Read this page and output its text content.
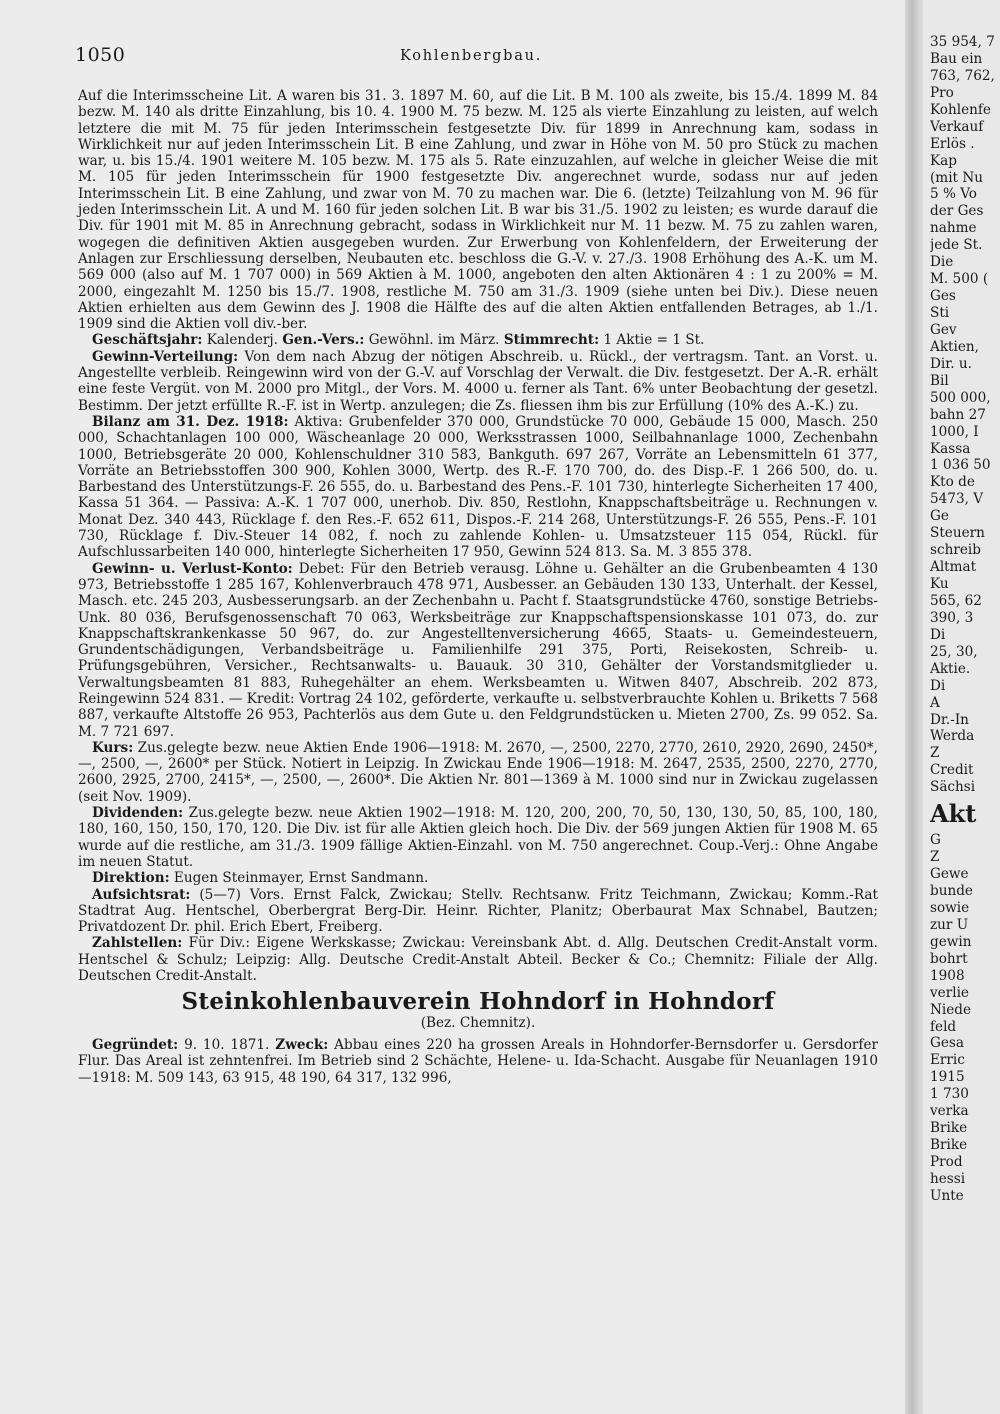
1050	Kohlenbergbau.

Auf die Interimsscheine Lit. A waren bis 31. 3. 1897 M. 60, auf die Lit. B M. 100 als zweite, bis 15./4. 1899 M. 84 bezw. M. 140 als dritte Einzahlung, bis 10. 4. 1900 M. 75 bezw. M. 125 als vierte Einzahlung zu leisten, auf welch letztere die mit M. 75 für jeden Interimsschein festgesetzte Div. für 1899 in Anrechnung kam, sodass in Wirklichkeit nur auf jeden Interimsschein Lit. B eine Zahlung, und zwar in Höhe von M. 50 pro Stück zu machen war, u. bis 15./4. 1901 weitere M. 105 bezw. M. 175 als 5. Rate einzuzahlen, auf welche in gleicher Weise die mit M. 105 für jeden Interimsschein für 1900 festgesetzte Div. angerechnet wurde, sodass nur auf jeden Interimsschein Lit. B eine Zahlung, und zwar von M. 70 zu machen war. Die 6. (letzte) Teilzahlung von M. 96 für jeden Interimsschein Lit. A und M. 160 für jeden solchen Lit. B war bis 31./5. 1902 zu leisten; es wurde darauf die Div. für 1901 mit M. 85 in Anrechnung gebracht, sodass in Wirklichkeit nur M. 11 bezw. M. 75 zu zahlen waren, wogegen die definitiven Aktien ausgegeben wurden. Zur Erwerbung von Kohlenfeldern, der Erweiterung der Anlagen zur Erschliessung derselben, Neubauten etc. beschloss die G.-V. v. 27./3. 1908 Erhöhung des A.-K. um M. 569 000 (also auf M. 1 707 000) in 569 Aktien à M. 1000, angeboten den alten Aktionären 4 : 1 zu 200% = M. 2000, eingezahlt M. 1250 bis 15./7. 1908, restliche M. 750 am 31./3. 1909 (siehe unten bei Div.). Diese neuen Aktien erhielten aus dem Gewinn des J. 1908 die Hälfte des auf die alten Aktien entfallenden Betrages, ab 1./1. 1909 sind die Aktien voll div.-ber.

Geschäftsjahr: Kalenderj. Gen.-Vers.: Gewöhnl. im März. Stimmrecht: 1 Aktie = 1 St.

Gewinn-Verteilung: Von dem nach Abzug der nötigen Abschreib. u. Rückl., der vertragsm. Tant. an Vorst. u. Angestellte verbleib. Reingewinn wird von der G.-V. auf Vorschlag der Verwalt. die Div. festgesetzt. Der A.-R. erhält eine feste Vergüt. von M. 2000 pro Mitgl., der Vors. M. 4000 u. ferner als Tant. 6% unter Beobachtung der gesetzl. Bestimm. Der jetzt erfüllte R.-F. ist in Wertp. anzulegen; die Zs. fliessen ihm bis zur Erfüllung (10% des A.-K.) zu.

Bilanz am 31. Dez. 1918: Aktiva: Grubenfelder 370 000, Grundstücke 70 000, Gebäude 15 000, Masch. 250 000, Schachtanlagen 100 000, Wäscheanlage 20 000, Werksstrassen 1000, Seilbahnanlage 1000, Zechenbahn 1000, Betriebsgeräte 20 000, Kohlenschuldner 310 583, Bankguth. 697 267, Vorräte an Lebensmitteln 61 377, Vorräte an Betriebsstoffen 300 900, Kohlen 3000, Wertp. des R.-F. 170 700, do. des Disp.-F. 1 266 500, do. u. Barbestand des Unterstützungs-F. 26 555, do. u. Barbestand des Pens.-F. 101 730, hinterlegte Sicherheiten 17 400, Kassa 51 364. — Passiva: A.-K. 1 707 000, unerhob. Div. 850, Restlohn, Knappschaftsbeiträge u. Rechnungen v. Monat Dez. 340 443, Rücklage f. den Res.-F. 652 611, Dispos.-F. 214 268, Unterstützungs-F. 26 555, Pens.-F. 101 730, Rücklage f. Div.-Steuer 14 082, f. noch zu zahlende Kohlen- u. Umsatzsteuer 115 054, Rückl. für Aufschlussarbeiten 140 000, hinterlegte Sicherheiten 17 950, Gewinn 524 813. Sa. M. 3 855 378.

Gewinn- u. Verlust-Konto: Debet: Für den Betrieb verausg. Löhne u. Gehälter an die Grubenbeamten 4 130 973, Betriebsstoffe 1 285 167, Kohlenverbrauch 478 971, Ausbesser. an Gebäuden 130 133, Unterhalt. der Kessel, Masch. etc. 245 203, Ausbesserungsarb. an der Zechenbahn u. Pacht f. Staatsgrundstücke 4760, sonstige Betriebs-Unk. 80 036, Berufsgenossenschaft 70 063, Werksbeiträge zur Knappschaftspensionskasse 101 073, do. zur Knappschaftskrankenkasse 50 967, do. zur Angestelltenversicherung 4665, Staats- u. Gemeindesteuern, Grundentschädigungen, Verbandsbeiträge u. Familienhilfe 291 375, Porti, Reisekosten, Schreib- u. Prüfungsgebühren, Versicher., Rechtsanwalts- u. Bauauk. 30 310, Gehälter der Vorstandsmitglieder u. Verwaltungsbeamten 81 883, Ruhegehälter an ehem. Werksbeamten u. Witwen 8407, Abschreib. 202 873, Reingewinn 524 831. — Kredit: Vortrag 24 102, geförderte, verkaufte u. selbstverbrauchte Kohlen u. Briketts 7 568 887, verkaufte Altstoffe 26 953, Pachterlös aus dem Gute u. den Feldgrundstücken u. Mieten 2700, Zs. 99 052. Sa. M. 7 721 697.

Kurs: Zus.gelegte bezw. neue Aktien Ende 1906—1918: M. 2670, —, 2500, 2270, 2770, 2610, 2920, 2690, 2450*, —, 2500, —, 2600* per Stück. Notiert in Leipzig. In Zwickau Ende 1906—1918: M. 2647, 2535, 2500, 2270, 2770, 2600, 2925, 2700, 2415*, —, 2500, —, 2600*. Die Aktien Nr. 801—1369 à M. 1000 sind nur in Zwickau zugelassen (seit Nov. 1909).

Dividenden: Zus.gelegte bezw. neue Aktien 1902—1918: M. 120, 200, 200, 70, 50, 130, 130, 50, 85, 100, 180, 180, 160, 150, 150, 170, 120. Die Div. ist für alle Aktien gleich hoch. Die Div. der 569 jungen Aktien für 1908 M. 65 wurde auf die restliche, am 31./3. 1909 fällige Aktien-Einzahl. von M. 750 angerechnet. Coup.-Verj.: Ohne Angabe im neuen Statut.

Direktion: Eugen Steinmayer, Ernst Sandmann.

Aufsichtsrat: (5—7) Vors. Ernst Falck, Zwickau; Stellv. Rechtsanw. Fritz Teichmann, Zwickau; Komm.-Rat Stadtrat Aug. Hentschel, Oberbergrat Berg-Dir. Heinr. Richter, Planitz; Oberbaurat Max Schnabel, Bautzen; Privatdozent Dr. phil. Erich Ebert, Freiberg.

Zahlstellen: Für Div.: Eigene Werkskasse; Zwickau: Vereinsbank Abt. d. Allg. Deutschen Credit-Anstalt vorm. Hentschel & Schulz; Leipzig: Allg. Deutsche Credit-Anstalt Abteil. Becker & Co.; Chemnitz: Filiale der Allg. Deutschen Credit-Anstalt.

Steinkohlenbauverein Hohndorf in Hohndorf
(Bez. Chemnitz).

Gegründet: 9. 10. 1871. Zweck: Abbau eines 220 ha grossen Areals in Hohndorfer-Bernsdorfer u. Gersdorfer Flur. Das Areal ist zehntenfrei. Im Betrieb sind 2 Schächte, Helene- u. Ida-Schacht. Ausgabe für Neuanlagen 1910—1918: M. 509 143, 63 915, 48 190, 64 317, 132 996,

35 954, 7
Bau ein
763, 762,
Pro
Kohlenfe
Verkauf
Erlös .
Kap
(mit Nu
5 % Vo
der Ges
nahme
jede St.
Die
M. 500 (
Ges
Sti
Gev
Aktien,
Dir. u.
Bil
500 000,
bahn 27
1000, I
Kassa
1 036 50
Kto de
5473, V
Ge
Steuern
schreib
Altmat
Ku
565, 62
390, 3
Di
25, 30,
Aktie.
Di
A
Dr.-In
Werda
Z
Credit
Sächsi
Akt
G
Z
Gewe
bunde
sowie
zur U
gewin
bohrt
1908
verlie
Niede
feld
Gesa
Erric
1915
1 730
verka
Brike
Brike
Prod
hessi
Unte
